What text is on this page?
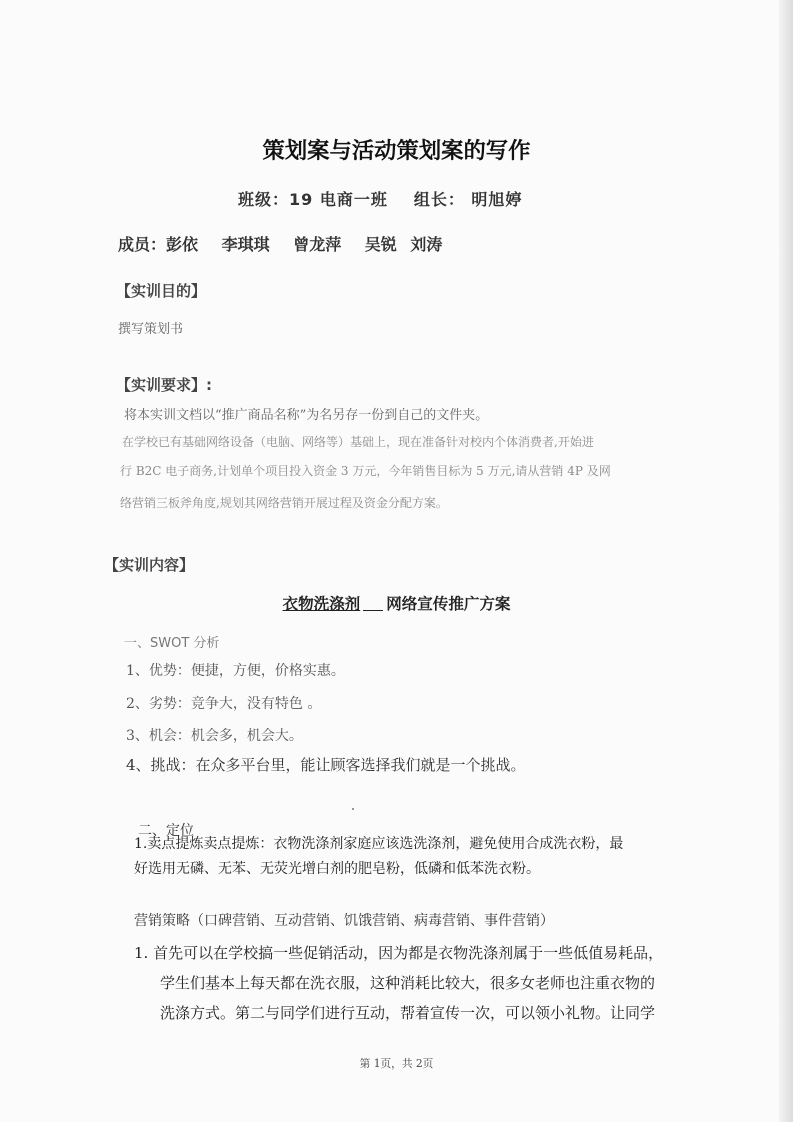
策划案与活动策划案的写作
班级：19 电商一班 组长： 明旭婷
成员：彭依 李琪琪 曾龙萍 吴锐 刘涛
【实训目的】
撰写策划书
【实训要求】:
将本实训文档以“推广商品名称”为名另存一份到自己的文件夹。
在学校已有基础网络设备（电脑、网络等）基础上，现在准备针对校内个体消费者,开始进
行 B2C 电子商务,计划单个项目投入资金 3 万元，今年销售目标为 5 万元,请从营销 4P 及网
络营销三板斧角度,规划其网络营销开展过程及资金分配方案。
【实训内容】
衣物洗涤剂 网络宣传推广方案
一、SWOT 分析
1、优势：便捷，方便，价格实惠。
2、劣势：竞争大，没有特色 。
3、机会：机会多，机会大。
4、挑战：在众多平台里，能让顾客选择我们就是一个挑战。
二、定位
1.卖点提炼卖点提炼：衣物洗涤剂家庭应该选洗涤剂，避免使用合成洗衣粉，最
好选用无磷、无苯、无荧光增白剂的肥皂粉，低磷和低苯洗衣粉。
营销策略（口碑营销、互动营销、饥饿营销、病毒营销、事件营销）
1. 首先可以在学校搞一些促销活动，因为都是衣物洗涤剂属于一些低值易耗品，
学生们基本上每天都在洗衣服，这种消耗比较大，很多女老师也注重衣物的
洗涤方式。第二与同学们进行互动，帮着宣传一次，可以领小礼物。让同学
第 1页，共 2页
